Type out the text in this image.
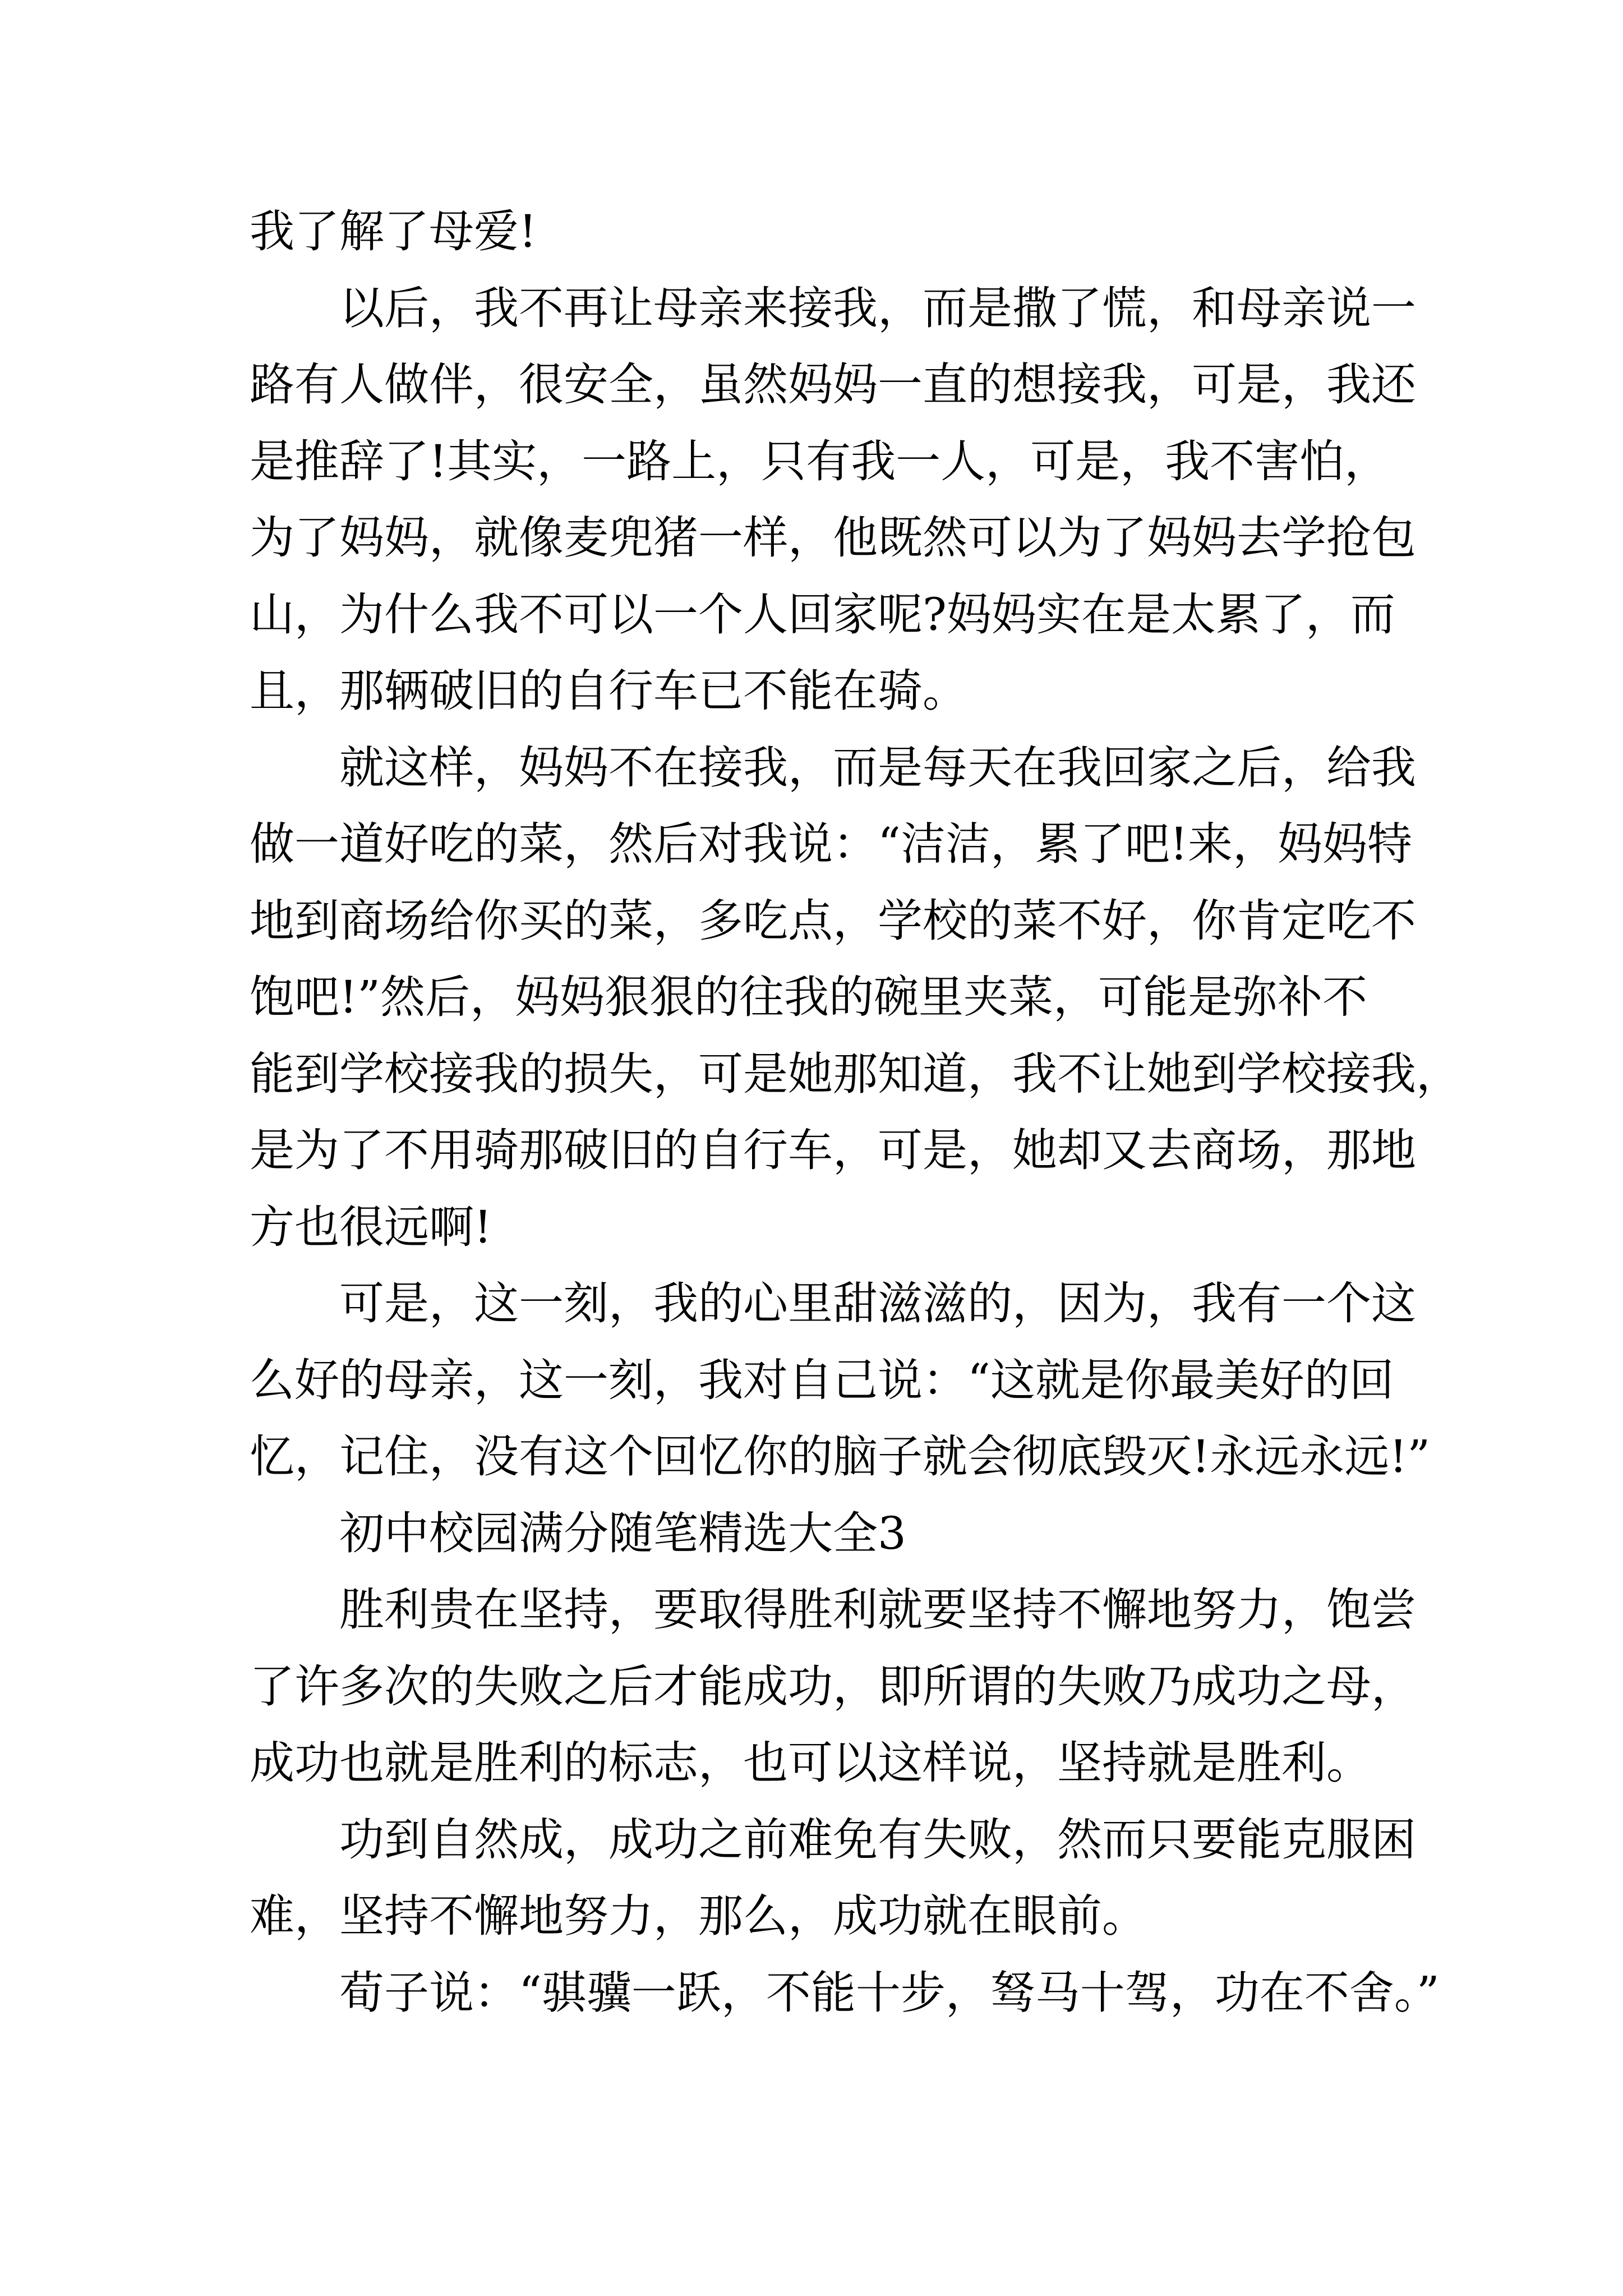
我了解了母爱!
以后，我不再让母亲来接我，而是撒了慌，和母亲说一
路有人做伴，很安全，虽然妈妈一直的想接我，可是，我还
是推辞了!其实，一路上，只有我一人，可是，我不害怕，
为了妈妈，就像麦兜猪一样，他既然可以为了妈妈去学抢包
山，为什么我不可以一个人回家呢?妈妈实在是太累了，而
且，那辆破旧的自行车已不能在骑。
就这样，妈妈不在接我，而是每天在我回家之后，给我
做一道好吃的菜，然后对我说：“洁洁，累了吧!来，妈妈特
地到商场给你买的菜，多吃点，学校的菜不好，你肯定吃不
饱吧!”然后，妈妈狠狠的往我的碗里夹菜，可能是弥补不
能到学校接我的损失，可是她那知道，我不让她到学校接我，
是为了不用骑那破旧的自行车，可是，她却又去商场，那地
方也很远啊!
可是，这一刻，我的心里甜滋滋的，因为，我有一个这
么好的母亲，这一刻，我对自己说：“这就是你最美好的回
忆，记住，没有这个回忆你的脑子就会彻底毁灭!永远永远!”
初中校园满分随笔精选大全3
胜利贵在坚持，要取得胜利就要坚持不懈地努力，饱尝
了许多次的失败之后才能成功，即所谓的失败乃成功之母，
成功也就是胜利的标志，也可以这样说，坚持就是胜利。
功到自然成，成功之前难免有失败，然而只要能克服困
难，坚持不懈地努力，那么，成功就在眼前。
荀子说：“骐骥一跃，不能十步，驽马十驾，功在不舍。”
